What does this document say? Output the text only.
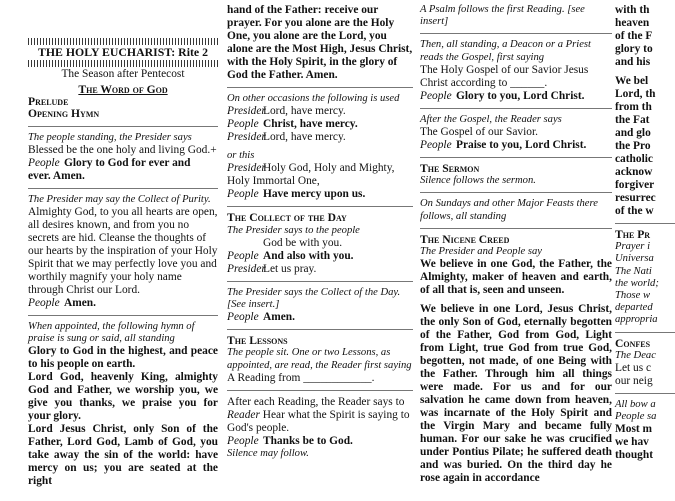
THE HOLY EUCHARIST: Rite 2

The Season after Pentecost

The Word of God

Prelude

Opening Hymn

The people standing, the Presider says

Blessed be the one holy and living God.+

People Glory to God for ever and

ever. Amen.

The Presider may say the Collect of Purity.

Almighty God, to you all hearts are open, all desires known, and from you no secrets are hid. Cleanse the thoughts of our hearts by the inspiration of your Holy Spirit that we may perfectly love you and worthily magnify your holy name through Christ our Lord.

People Amen.

When appointed, the following hymn of praise is sung or said, all standing

Glory to God in the highest, and peace to his people on earth.

Lord God, heavenly King, almighty God and Father, we worship you, we give you thanks, we praise you for your glory.

Lord Jesus Christ, only Son of the Father, Lord God, Lamb of God, you take away the sin of the world: have mercy on us; you are seated at the right

hand of the Father: receive our prayer. For you alone are the Holy One, you alone are the Lord, you alone are the Most High, Jesus Christ, with the Holy Spirit, in the glory of God the Father. Amen.

On other occasions the following is used

PresiderLord, have mercy.

People Christ, have mercy.

PresiderLord, have mercy.

or this

PresiderHoly God, Holy and Mighty, Holy Immortal One,

People Have mercy upon us.

The Collect of the Day

The Presider says to the people

God be with you.

People And also with you.

PresiderLet us pray.

The Presider says the Collect of the Day.

[See insert.]

People Amen.

The Lessons

The people sit. One or two Lessons, as appointed, are read, the Reader first saying

A Reading from ____________.

After each Reading, the Reader says to Reader Hear what the Spirit is saying to God's people.

People Thanks be to God.

Silence may follow.

A Psalm follows the first Reading. [see insert]

Then, all standing, a Deacon or a Priest reads the Gospel, first saying

The Holy Gospel of our Savior Jesus Christ according to ______.

People Glory to you, Lord Christ.

After the Gospel, the Reader says

The Gospel of our Savior.

People Praise to you, Lord Christ.

The Sermon

Silence follows the sermon.

On Sundays and other Major Feasts there follows, all standing

The Nicene Creed

The Presider and People say

We believe in one God, the Father, the Almighty, maker of heaven and earth, of all that is, seen and unseen.

We believe in one Lord, Jesus Christ, the only Son of God, eternally begotten of the Father, God from God, Light from Light, true God from true God, begotten, not made, of one Being with the Father. Through him all things were made. For us and for our salvation he came down from heaven, was incarnate of the Holy Spirit and the Virgin Mary and became fully human. For our sake he was crucified under Pontius Pilate; he suffered death and was buried. On the third day he rose again in accordance

with th

heaven

of the F

glory to

and his

We bel

Lord, th

from th

the Fat

and glo

the Pro

catholic

acknow

forgiver

resurrec

of the w

The Pr

Prayer i

Universa

The Nati

the world;

Those w

departed

appropria

Confes

The Deac

Let us c

our neig

All bow a

People sa

Most m

we hav

thought
